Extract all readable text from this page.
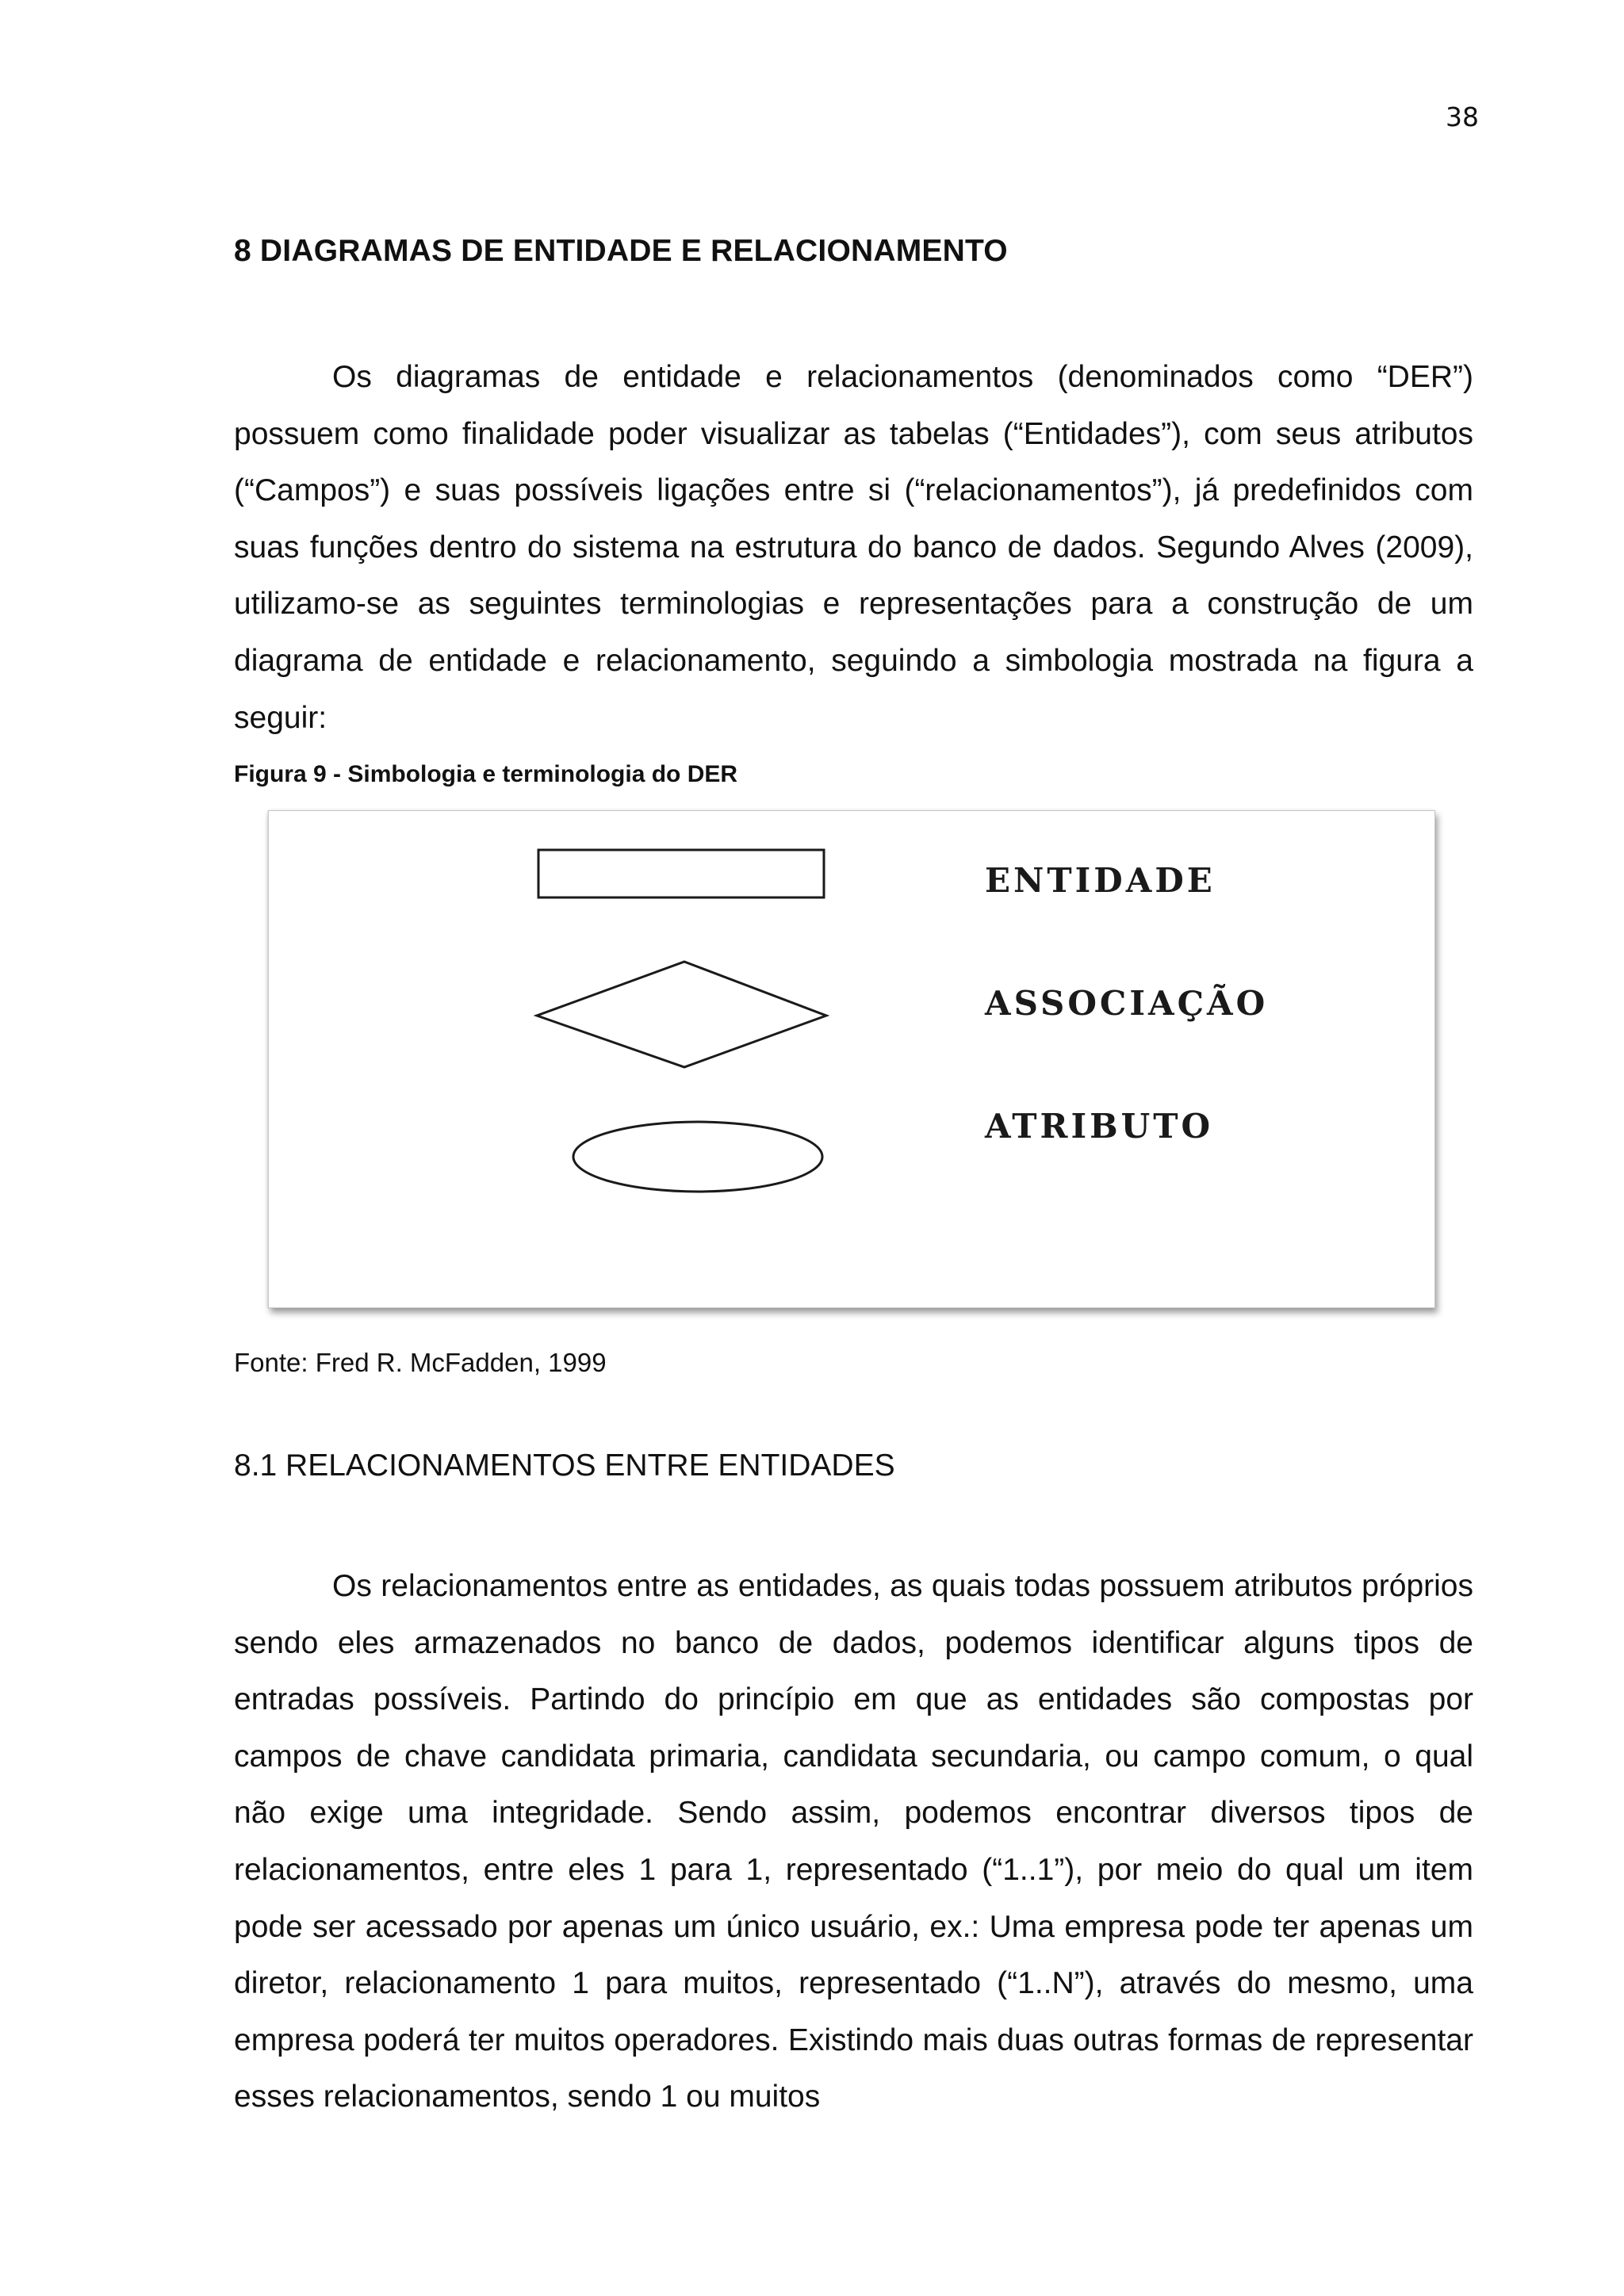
38
8 DIAGRAMAS DE ENTIDADE E RELACIONAMENTO

Os diagramas de entidade e relacionamentos (denominados como “DER”) possuem como finalidade poder visualizar as tabelas (“Entidades”), com seus atributos (“Campos”) e suas possíveis ligações entre si (“relacionamentos”), já predefinidos com suas funções dentro do sistema na estrutura do banco de dados. Segundo Alves (2009), utilizamo-se as seguintes terminologias e representações para a construção de um diagrama de entidade e relacionamento, seguindo a simbologia mostrada na figura a seguir:

Figura 9 - Simbologia e terminologia do DER
ENTIDADE
ASSOCIAÇÃO
ATRIBUTO
Fonte: Fred R. McFadden, 1999
8.1 RELACIONAMENTOS ENTRE ENTIDADES

Os relacionamentos entre as entidades, as quais todas possuem atributos próprios sendo eles armazenados no banco de dados, podemos identificar alguns tipos de entradas possíveis. Partindo do princípio em que as entidades são compostas por campos de chave candidata primaria, candidata secundaria, ou campo comum, o qual não exige uma integridade. Sendo assim, podemos encontrar diversos tipos de relacionamentos, entre eles 1 para 1, representado (“1..1”), por meio do qual um item pode ser acessado por apenas um único usuário, ex.: Uma empresa pode ter apenas um diretor, relacionamento 1 para muitos, representado (“1..N”), através do mesmo, uma empresa poderá ter muitos operadores. Existindo mais duas outras formas de representar esses relacionamentos, sendo 1 ou muitos
